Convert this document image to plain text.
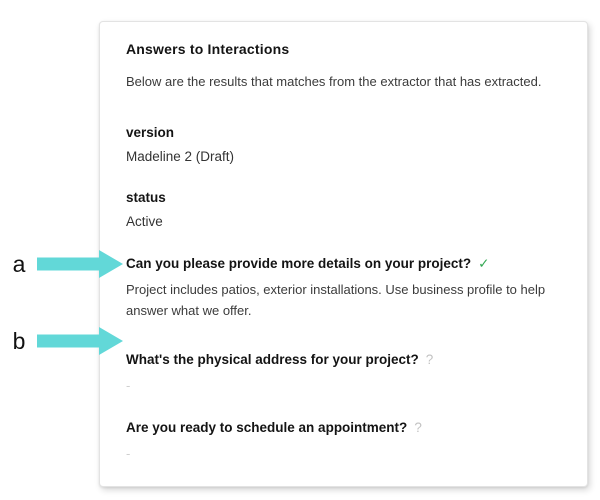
Answers to Interactions
Below are the results that matches from the extractor that has extracted.
version
Madeline 2 (Draft)
status
Active
Can you please provide more details on your project? ✓
Project includes patios, exterior installations. Use business profile to help answer what we offer.
What's the physical address for your project? ?
-
Are you ready to schedule an appointment? ?
-
a
b
